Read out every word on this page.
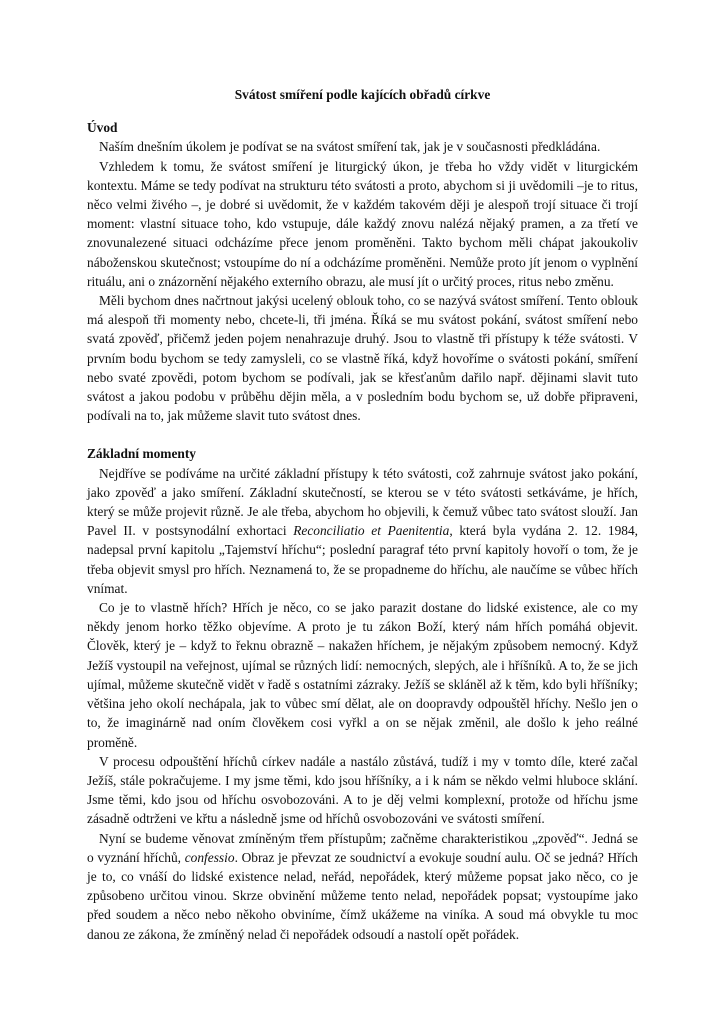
Svátost smíření podle kajících obřadů církve
Úvod

Naším dnešním úkolem je podívat se na svátost smíření tak, jak je v současnosti předkládána.

Vzhledem k tomu, že svátost smíření je liturgický úkon, je třeba ho vždy vidět v liturgickém kontextu. Máme se tedy podívat na strukturu této svátosti a proto, abychom si ji uvědomili –je to ritus, něco velmi živého –, je dobré si uvědomit, že v každém takovém ději je alespoň trojí situace či trojí moment: vlastní situace toho, kdo vstupuje, dále každý znovu nalézá nějaký pramen, a za třetí ve znovunalezené situaci odcházíme přece jenom proměněni. Takto bychom měli chápat jakoukoliv náboženskou skutečnost; vstoupíme do ní a odcházíme proměněni. Nemůže proto jít jenom o vyplnění rituálu, ani o znázornění nějakého externího obrazu, ale musí jít o určitý proces, ritus nebo změnu.

Měli bychom dnes načrtnout jakýsi ucelený oblouk toho, co se nazývá svátost smíření. Tento oblouk má alespoň tři momenty nebo, chcete-li, tři jména. Říká se mu svátost pokání, svátost smíření nebo svatá zpověď, přičemž jeden pojem nenahrazuje druhý. Jsou to vlastně tři přístupy k téže svátosti. V prvním bodu bychom se tedy zamysleli, co se vlastně říká, když hovoříme o svátosti pokání, smíření nebo svaté zpovědi, potom bychom se podívali, jak se křesťanům dařilo např. dějinami slavit tuto svátost a jakou podobu v průběhu dějin měla, a v posledním bodu bychom se, už dobře připraveni, podívali na to, jak můžeme slavit tuto svátost dnes.

Základní momenty

Nejdříve se podíváme na určité základní přístupy k této svátosti, což zahrnuje svátost jako pokání, jako zpověď a jako smíření. Základní skutečností, se kterou se v této svátosti setkáváme, je hřích, který se může projevit různě. Je ale třeba, abychom ho objevili, k čemuž vůbec tato svátost slouží. Jan Pavel II. v postsynodální exhortaci Reconciliatio et Paenitentia, která byla vydána 2. 12. 1984, nadepsal první kapitolu „Tajemství hříchu“; poslední paragraf této první kapitoly hovoří o tom, že je třeba objevit smysl pro hřích. Neznamená to, že se propadneme do hříchu, ale naučíme se vůbec hřích vnímat.

Co je to vlastně hřích? Hřích je něco, co se jako parazit dostane do lidské existence, ale co my někdy jenom horko těžko objevíme. A proto je tu zákon Boží, který nám hřích pomáhá objevit. Člověk, který je – když to řeknu obrazně – nakažen hříchem, je nějakým způsobem nemocný. Když Ježíš vystoupil na veřejnost, ujímal se různých lidí: nemocných, slepých, ale i hříšníků. A to, že se jich ujímal, můžeme skutečně vidět v řadě s ostatními zázraky. Ježíš se skláněl až k těm, kdo byli hříšníky; většina jeho okolí nechápala, jak to vůbec smí dělat, ale on doopravdy odpouštěl hříchy. Nešlo jen o to, že imaginárně nad oním člověkem cosi vyřkl a on se nějak změnil, ale došlo k jeho reálné proměně.

V procesu odpouštění hříchů církev nadále a nastálo zůstává, tudíž i my v tomto díle, které začal Ježíš, stále pokračujeme. I my jsme těmi, kdo jsou hříšníky, a i k nám se někdo velmi hluboce sklání. Jsme těmi, kdo jsou od hříchu osvobozováni. A to je děj velmi komplexní, protože od hříchu jsme zásadně odtrženi ve křtu a následně jsme od hříchů osvobozováni ve svátosti smíření.

Nyní se budeme věnovat zmíněným třem přístupům; začněme charakteristikou „zpověď“. Jedná se o vyznání hříchů, confessio. Obraz je převzat ze soudnictví a evokuje soudní aulu. Oč se jedná? Hřích je to, co vnáší do lidské existence nelad, neřád, nepořádek, který můžeme popsat jako něco, co je způsobeno určitou vinou. Skrze obvinění můžeme tento nelad, nepořádek popsat; vystoupíme jako před soudem a něco nebo někoho obviníme, čímž ukážeme na viníka. A soud má obvykle tu moc danou ze zákona, že zmíněný nelad či nepořádek odsoudí a nastolí opět pořádek.
